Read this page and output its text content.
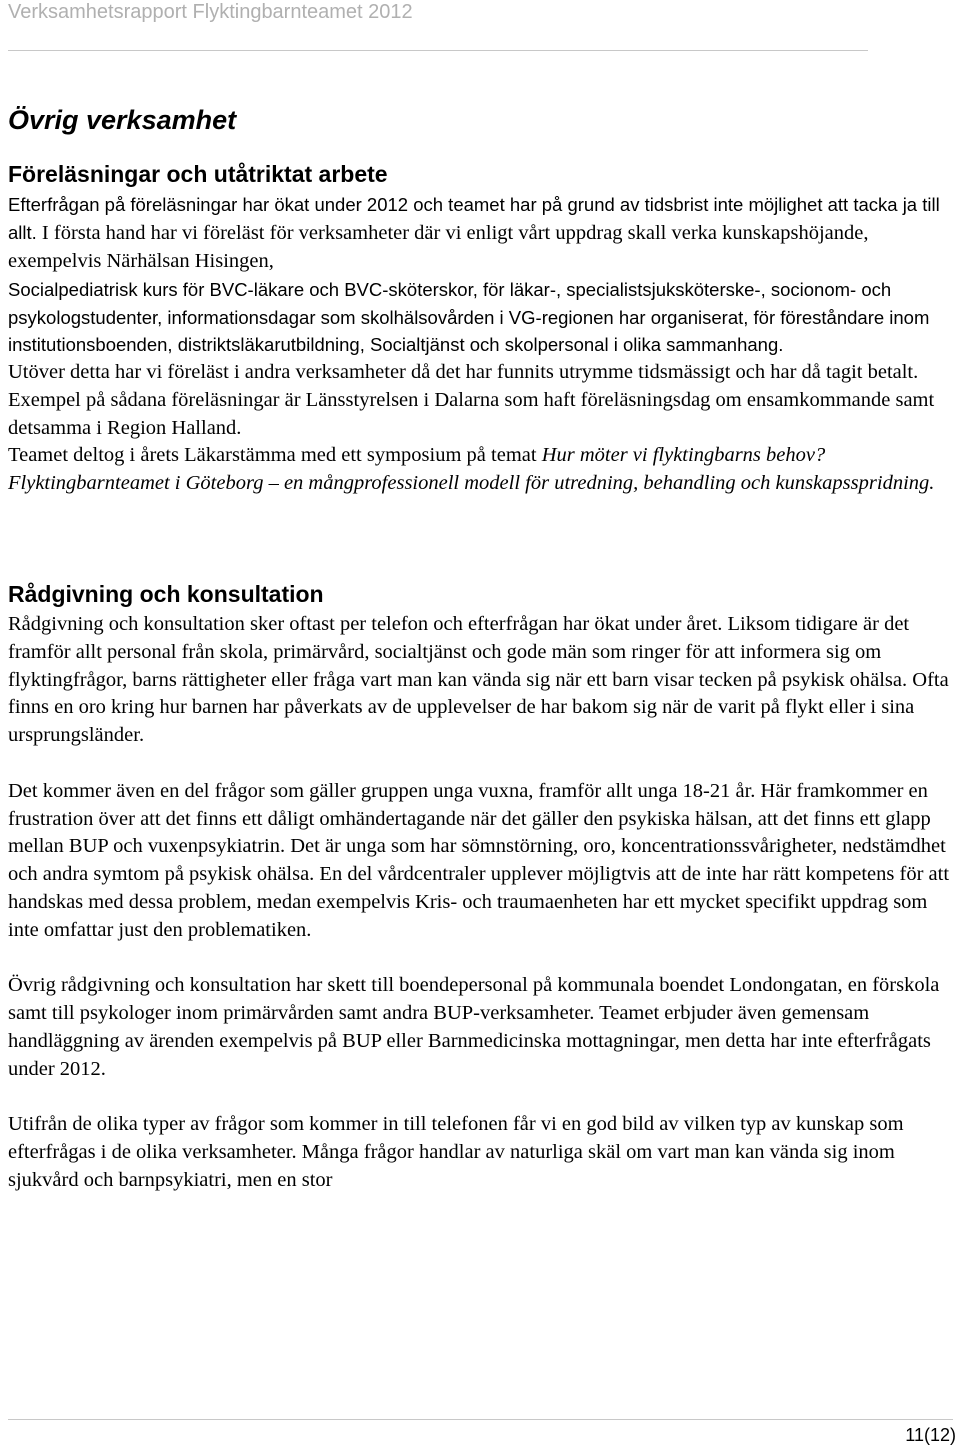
Verksamhetsrapport Flyktingbarnteamet 2012
Övrig verksamhet
Föreläsningar och utåtriktat arbete

Efterfrågan på föreläsningar har ökat under 2012 och teamet har på grund av tidsbrist inte möjlighet att tacka ja till allt. I första hand har vi föreläst för verksamheter där vi enligt vårt uppdrag skall verka kunskapshöjande, exempelvis Närhälsan Hisingen,

Socialpediatrisk kurs för BVC-läkare och BVC-sköterskor, för läkar-, specialistsjuksköterske-, socionom- och psykologstudenter, informationsdagar som skolhälsovården i VG-regionen har organiserat, för föreståndare inom institutionsboenden, distriktsläkarutbildning, Socialtjänst och skolpersonal i olika sammanhang.

Utöver detta har vi föreläst i andra verksamheter då det har funnits utrymme tidsmässigt och har då tagit betalt. Exempel på sådana föreläsningar är Länsstyrelsen i Dalarna som haft föreläsningsdag om ensamkommande samt detsamma i Region Halland.

Teamet deltog i årets Läkarstämma med ett symposium på temat Hur möter vi flyktingbarns behov? Flyktingbarnteamet i Göteborg – en mångprofessionell modell för utredning, behandling och kunskapsspridning.

Rådgivning och konsultation

Rådgivning och konsultation sker oftast per telefon och efterfrågan har ökat under året. Liksom tidigare är det framför allt personal från skola, primärvård, socialtjänst och gode män som ringer för att informera sig om flyktingfrågor, barns rättigheter eller fråga vart man kan vända sig när ett barn visar tecken på psykisk ohälsa. Ofta finns en oro kring hur barnen har påverkats av de upplevelser de har bakom sig när de varit på flykt eller i sina ursprungsländer.

Det kommer även en del frågor som gäller gruppen unga vuxna, framför allt unga 18-21 år. Här framkommer en frustration över att det finns ett dåligt omhändertagande när det gäller den psykiska hälsan, att det finns ett glapp mellan BUP och vuxenpsykiatrin. Det är unga som har sömnstörning, oro, koncentrationssvårigheter, nedstämdhet och andra symtom på psykisk ohälsa. En del vårdcentraler upplever möjligtvis att de inte har rätt kompetens för att handskas med dessa problem, medan exempelvis Kris- och traumaenheten har ett mycket specifikt uppdrag som inte omfattar just den problematiken.

Övrig rådgivning och konsultation har skett till boendepersonal på kommunala boendet Londongatan, en förskola samt till psykologer inom primärvården samt andra BUP-verksamheter. Teamet erbjuder även gemensam handläggning av ärenden exempelvis på BUP eller Barnmedicinska mottagningar, men detta har inte efterfrågats under 2012.

Utifrån de olika typer av frågor som kommer in till telefonen får vi en god bild av vilken typ av kunskap som efterfrågas i de olika verksamheter. Många frågor handlar av naturliga skäl om vart man kan vända sig inom sjukvård och barnpsykiatri, men en stor

11(12)
